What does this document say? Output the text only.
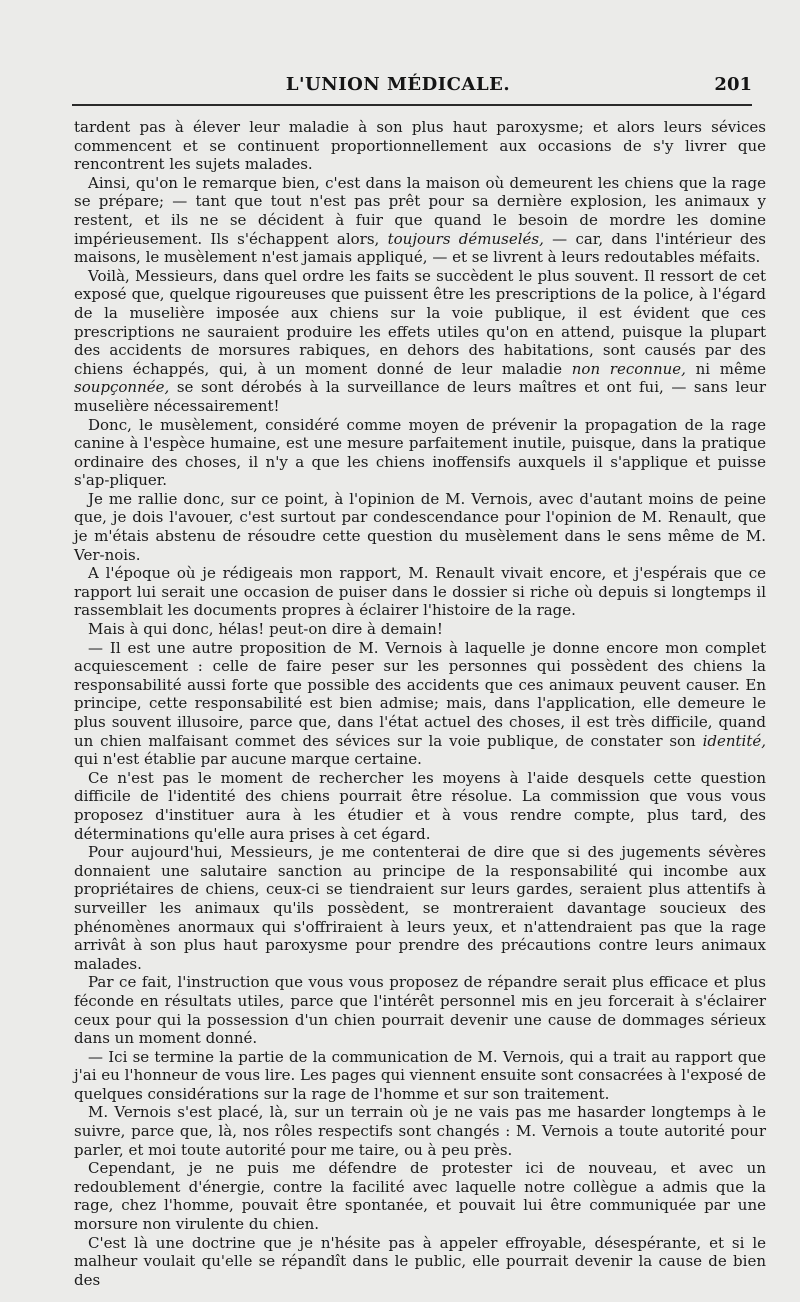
L'UNION MÉDICALE.	201

tardent pas à élever leur maladie à son plus haut paroxysme; et alors leurs sévices commencent et se continuent proportionnellement aux occasions de s'y livrer que rencontrent les sujets malades.

Ainsi, qu'on le remarque bien, c'est dans la maison où demeurent les chiens que la rage se prépare; — tant que tout n'est pas prêt pour sa dernière explosion, les animaux y restent, et ils ne se décident à fuir que quand le besoin de mordre les domine impérieusement. Ils s'échappent alors, toujours démuselés, — car, dans l'intérieur des maisons, le musèlement n'est jamais appliqué, — et se livrent à leurs redoutables méfaits.

Voilà, Messieurs, dans quel ordre les faits se succèdent le plus souvent. Il ressort de cet exposé que, quelque rigoureuses que puissent être les prescriptions de la police, à l'égard de la muselière imposée aux chiens sur la voie publique, il est évident que ces prescriptions ne sauraient produire les effets utiles qu'on en attend, puisque la plupart des accidents de morsures rabiques, en dehors des habitations, sont causés par des chiens échappés, qui, à un moment donné de leur maladie non reconnue, ni même soupçonnée, se sont dérobés à la surveillance de leurs maîtres et ont fui, — sans leur muselière nécessairement!

Donc, le musèlement, considéré comme moyen de prévenir la propagation de la rage canine à l'espèce humaine, est une mesure parfaitement inutile, puisque, dans la pratique ordinaire des choses, il n'y a que les chiens inoffensifs auxquels il s'applique et puisse s'ap-pliquer.

Je me rallie donc, sur ce point, à l'opinion de M. Vernois, avec d'autant moins de peine que, je dois l'avouer, c'est surtout par condescendance pour l'opinion de M. Renault, que je m'étais abstenu de résoudre cette question du musèlement dans le sens même de M. Ver-nois.

A l'époque où je rédigeais mon rapport, M. Renault vivait encore, et j'espérais que ce rapport lui serait une occasion de puiser dans le dossier si riche où depuis si longtemps il rassemblait les documents propres à éclairer l'histoire de la rage.

Mais à qui donc, hélas! peut-on dire à demain!

— Il est une autre proposition de M. Vernois à laquelle je donne encore mon complet acquiescement : celle de faire peser sur les personnes qui possèdent des chiens la responsabilité aussi forte que possible des accidents que ces animaux peuvent causer. En principe, cette responsabilité est bien admise; mais, dans l'application, elle demeure le plus souvent illusoire, parce que, dans l'état actuel des choses, il est très difficile, quand un chien malfaisant commet des sévices sur la voie publique, de constater son identité, qui n'est établie par aucune marque certaine.

Ce n'est pas le moment de rechercher les moyens à l'aide desquels cette question difficile de l'identité des chiens pourrait être résolue. La commission que vous vous proposez d'instituer aura à les étudier et à vous rendre compte, plus tard, des déterminations qu'elle aura prises à cet égard.

Pour aujourd'hui, Messieurs, je me contenterai de dire que si des jugements sévères donnaient une salutaire sanction au principe de la responsabilité qui incombe aux propriétaires de chiens, ceux-ci se tiendraient sur leurs gardes, seraient plus attentifs à surveiller les animaux qu'ils possèdent, se montreraient davantage soucieux des phénomènes anormaux qui s'offriraient à leurs yeux, et n'attendraient pas que la rage arrivât à son plus haut paroxysme pour prendre des précautions contre leurs animaux malades.

Par ce fait, l'instruction que vous vous proposez de répandre serait plus efficace et plus féconde en résultats utiles, parce que l'intérêt personnel mis en jeu forcerait à s'éclairer ceux pour qui la possession d'un chien pourrait devenir une cause de dommages sérieux dans un moment donné.

— Ici se termine la partie de la communication de M. Vernois, qui a trait au rapport que j'ai eu l'honneur de vous lire. Les pages qui viennent ensuite sont consacrées à l'exposé de quelques considérations sur la rage de l'homme et sur son traitement.

M. Vernois s'est placé, là, sur un terrain où je ne vais pas me hasarder longtemps à le suivre, parce que, là, nos rôles respectifs sont changés : M. Vernois a toute autorité pour parler, et moi toute autorité pour me taire, ou à peu près.

Cependant, je ne puis me défendre de protester ici de nouveau, et avec un redoublement d'énergie, contre la facilité avec laquelle notre collègue a admis que la rage, chez l'homme, pouvait être spontanée, et pouvait lui être communiquée par une morsure non virulente du chien.

C'est là une doctrine que je n'hésite pas à appeler effroyable, désespérante, et si le malheur voulait qu'elle se répandît dans le public, elle pourrait devenir la cause de bien des
